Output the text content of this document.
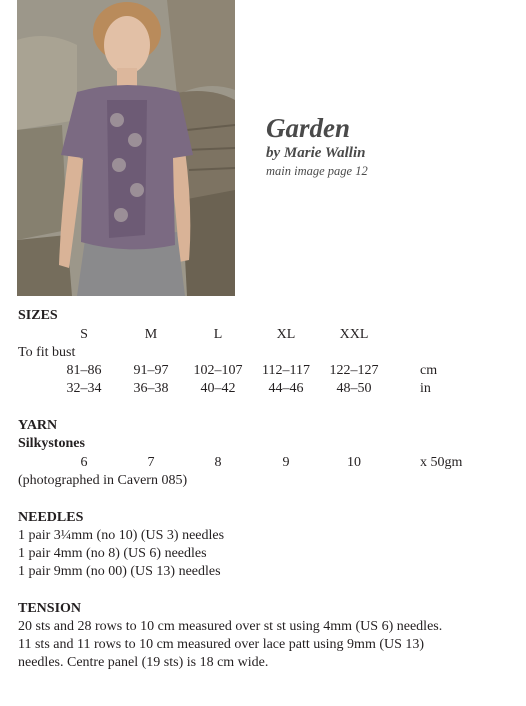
Garden
by Marie Wallin
main image page 12
SIZES
S	M	L	XL	XXL
To fit bust
81–86	91–97	102–107	112–117	122–127	cm
32–34	36–38	40–42	44–46	48–50	in
YARN
Silkystones
6	7	8	9	10	x 50gm
(photographed in Cavern 085)
NEEDLES
1 pair 3¼mm (no 10) (US 3) needles
1 pair 4mm (no 8) (US 6) needles
1 pair 9mm (no 00) (US 13) needles
TENSION
20 sts and 28 rows to 10 cm measured over st st using 4mm (US 6) needles.
11 sts and 11 rows to 10 cm measured over lace patt using 9mm (US 13)
needles. Centre panel (19 sts) is 18 cm wide.
